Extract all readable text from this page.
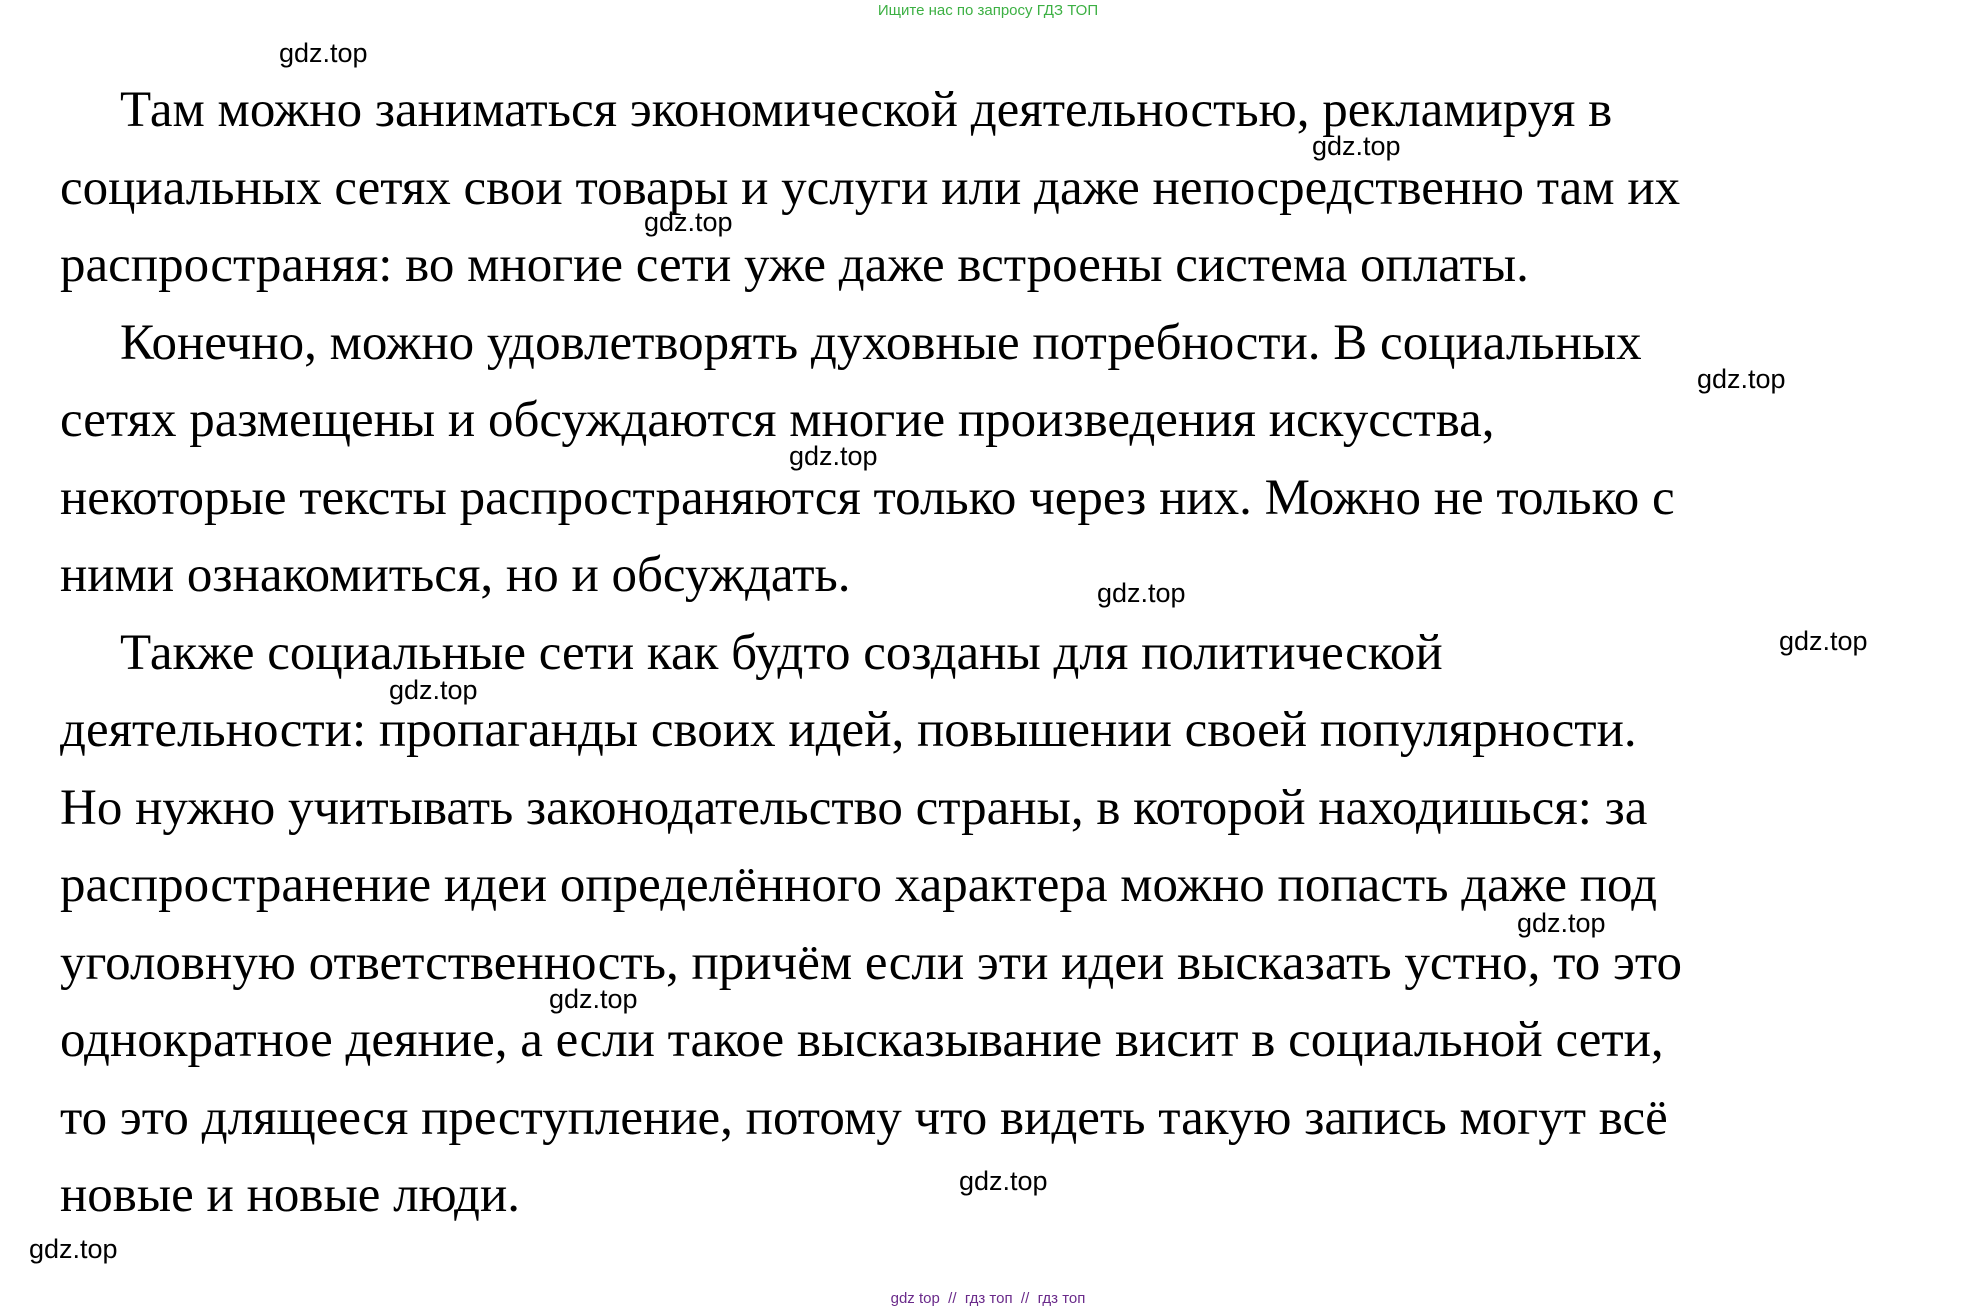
Ищите нас по запросу ГДЗ ТОП
Там можно заниматься экономической деятельностью, рекламируя в
социальных сетях свои товары и услуги или даже непосредственно там их
распространяя: во многие сети уже даже встроены система оплаты.
Конечно, можно удовлетворять духовные потребности. В социальных
сетях размещены и обсуждаются многие произведения искусства,
некоторые тексты распространяются только через них. Можно не только с
ними ознакомиться, но и обсуждать.
Также социальные сети как будто созданы для политической
деятельности: пропаганды своих идей, повышении своей популярности.
Но нужно учитывать законодательство страны, в которой находишься: за
распространение идеи определённого характера можно попасть даже под
уголовную ответственность, причём если эти идеи высказать устно, то это
однократное деяние, а если такое высказывание висит в социальной сети,
то это длящееся преступление, потому что видеть такую запись могут всё
новые и новые люди.
gdz.top
gdz.top
gdz.top
gdz.top
gdz.top
gdz.top
gdz.top
gdz.top
gdz.top
gdz.top
gdz.top
gdz.top
gdz top  //  гдз топ  //  гдз топ
